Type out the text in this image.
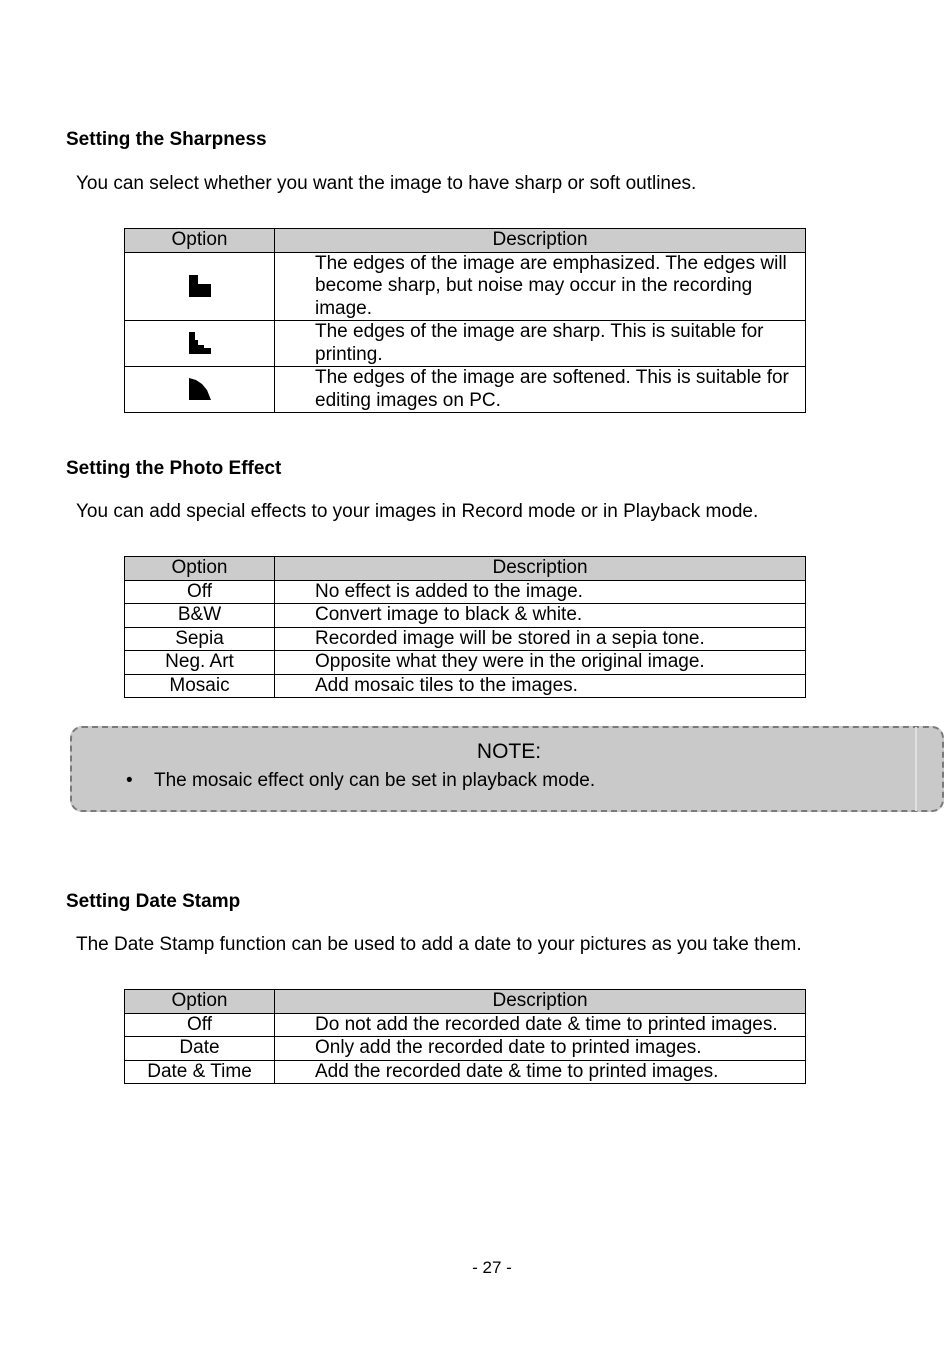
Setting the Sharpness
You can select whether you want the image to have sharp or soft outlines.
Option	Description
	The edges of the image are emphasized. The edges will become sharp, but noise may occur in the recording image.
	The edges of the image are sharp. This is suitable for printing.
	The edges of the image are softened. This is suitable for editing images on PC.
Setting the Photo Effect
You can add special effects to your images in Record mode or in Playback mode.
Option	Description
Off	No effect is added to the image.
B&W	Convert image to black & white.
Sepia	Recorded image will be stored in a sepia tone.
Neg. Art	Opposite what they were in the original image.
Mosaic	Add mosaic tiles to the images.
NOTE:
• The mosaic effect only can be set in playback mode.
Setting Date Stamp
The Date Stamp function can be used to add a date to your pictures as you take them.
Option	Description
Off	Do not add the recorded date & time to printed images.
Date	Only add the recorded date to printed images.
Date & Time	Add the recorded date & time to printed images.
- 27 -
